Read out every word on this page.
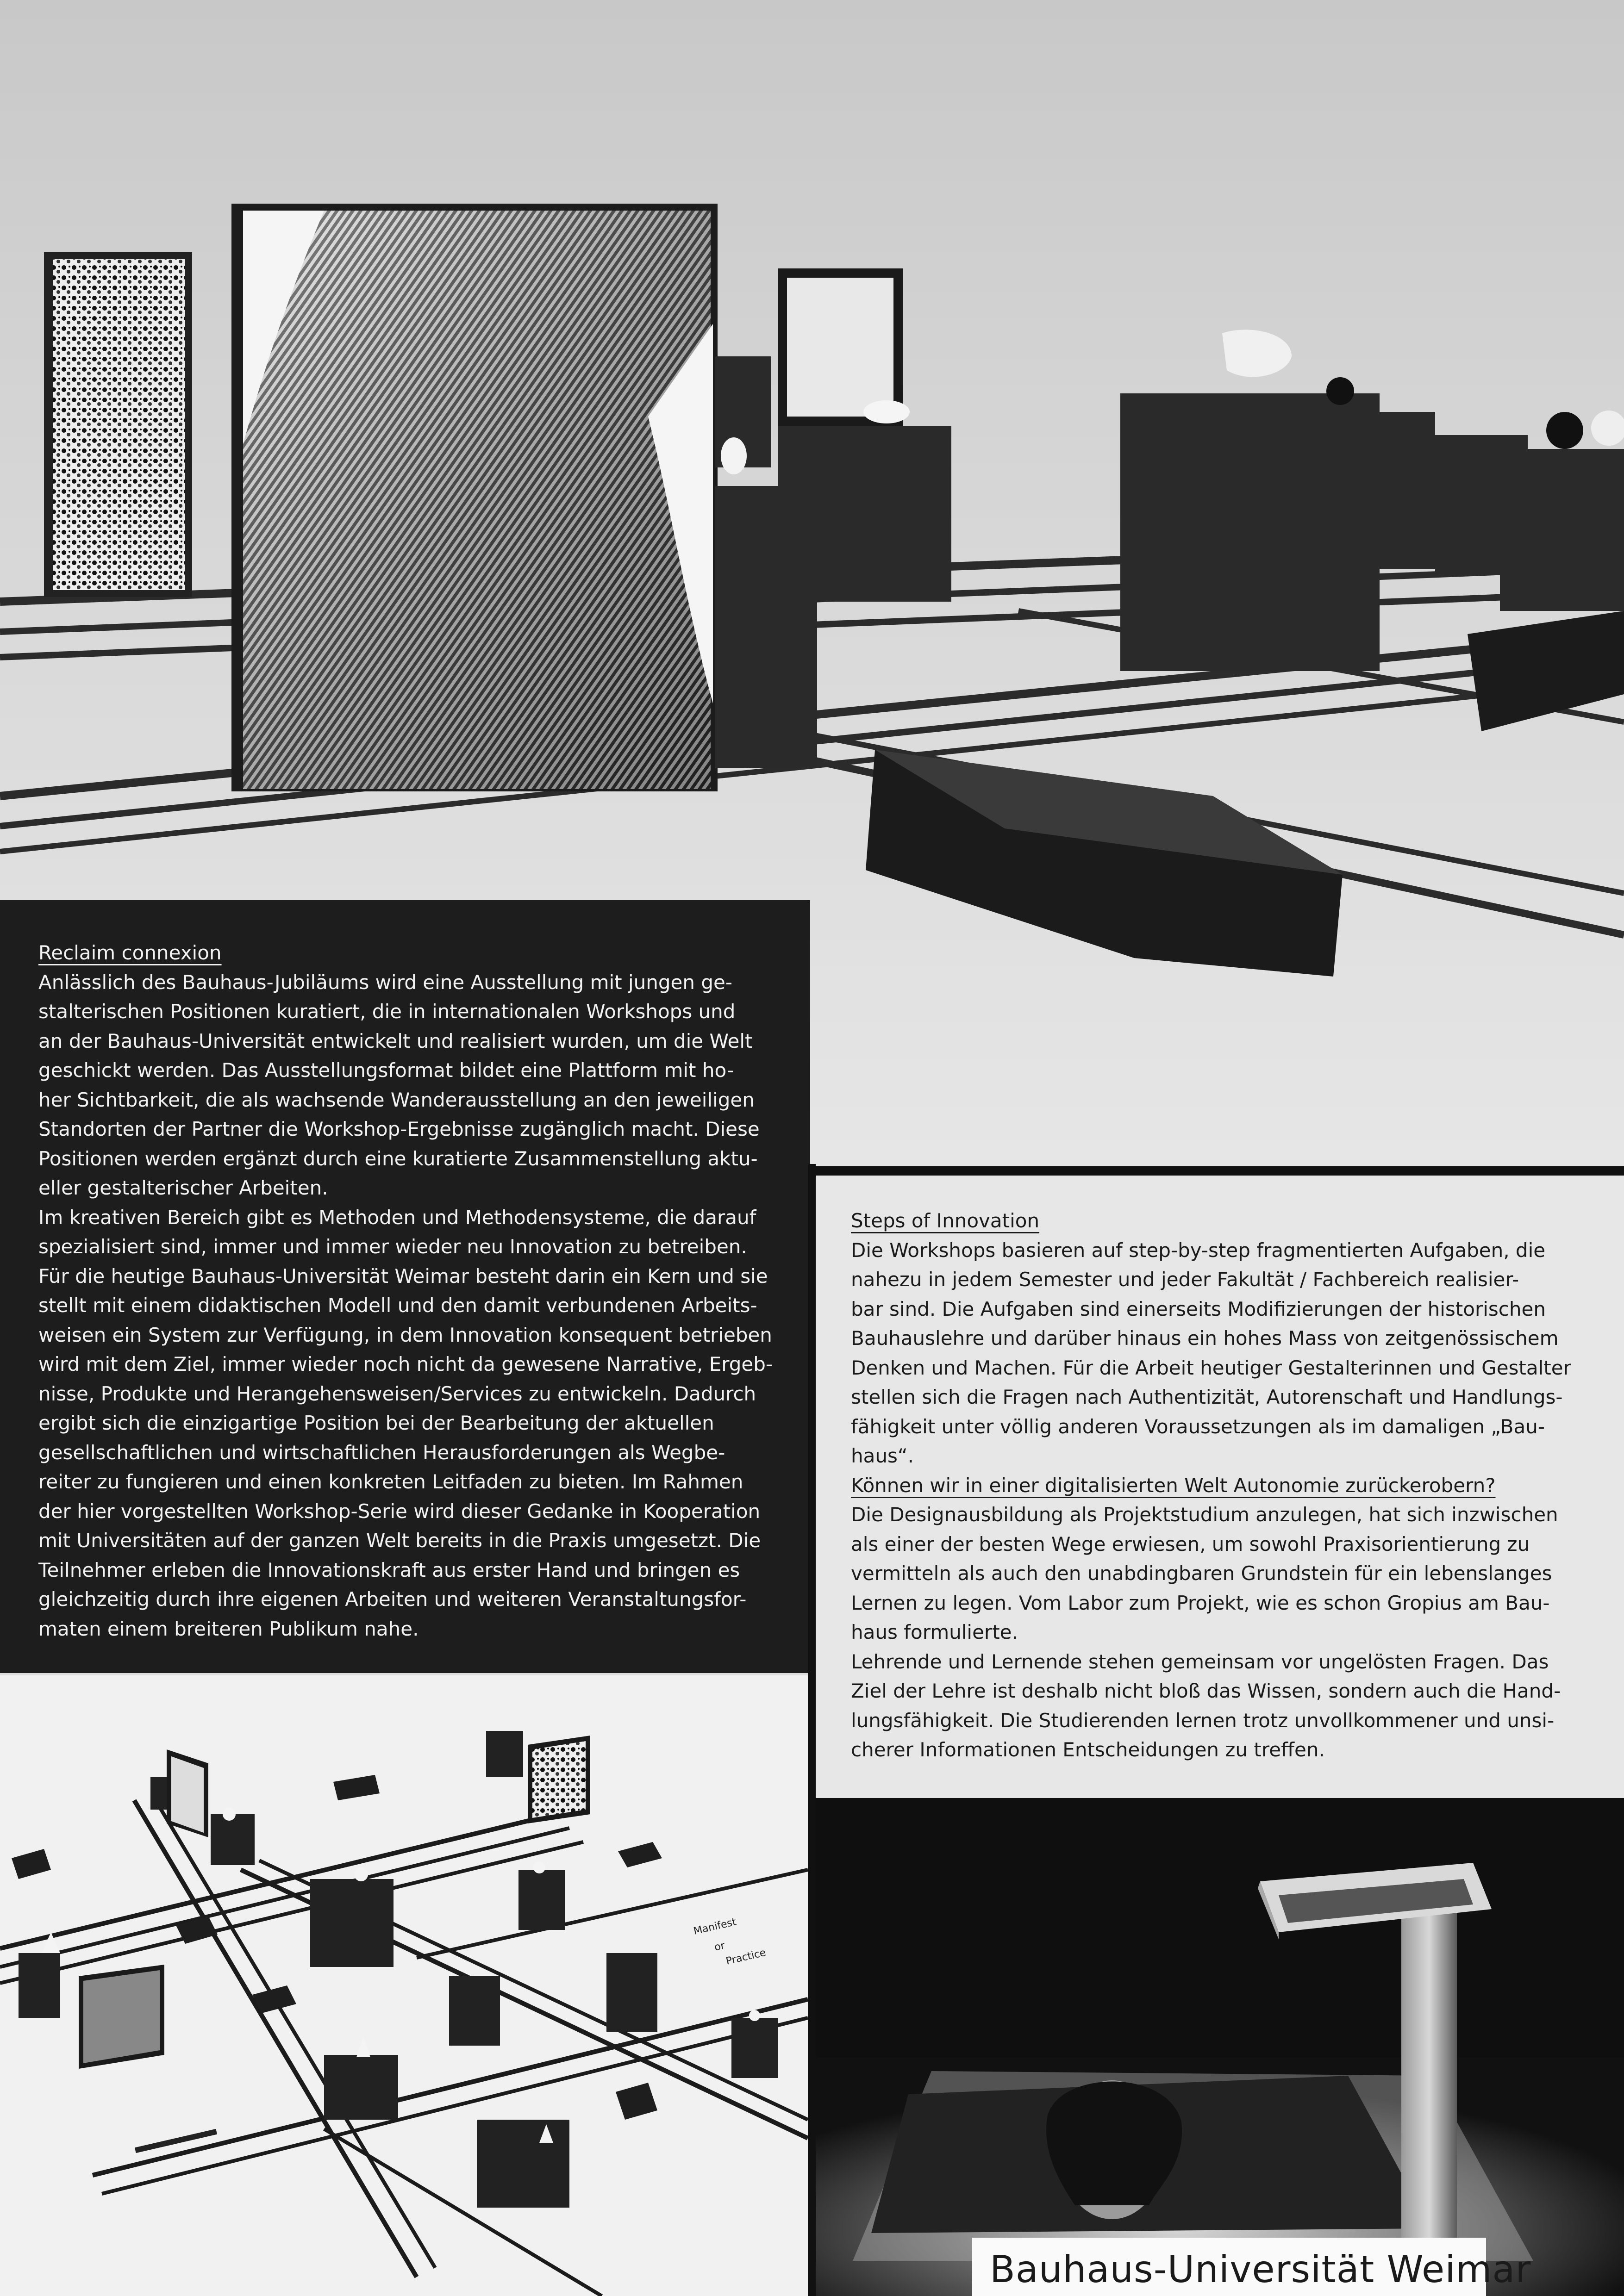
Reclaim connexion
Anlässlich des Bauhaus-Jubiläums wird eine Ausstellung mit jungen ge-
stalterischen Positionen kuratiert, die in internationalen Workshops und
an der Bauhaus-Universität entwickelt und realisiert wurden, um die Welt
geschickt werden. Das Ausstellungsformat bildet eine Plattform mit ho-
her Sichtbarkeit, die als wachsende Wanderausstellung an den jeweiligen
Standorten der Partner die Workshop-Ergebnisse zugänglich macht. Diese
Positionen werden ergänzt durch eine kuratierte Zusammenstellung aktu-
eller gestalterischer Arbeiten.
Im kreativen Bereich gibt es Methoden und Methodensysteme, die darauf
spezialisiert sind, immer und immer wieder neu Innovation zu betreiben.
Für die heutige Bauhaus-Universität Weimar besteht darin ein Kern und sie
stellt mit einem didaktischen Modell und den damit verbundenen Arbeits-
weisen ein System zur Verfügung, in dem Innovation konsequent betrieben
wird mit dem Ziel, immer wieder noch nicht da gewesene Narrative, Ergeb-
nisse, Produkte und Herangehensweisen/Services zu entwickeln. Dadurch
ergibt sich die einzigartige Position bei der Bearbeitung der aktuellen
gesellschaftlichen und wirtschaftlichen Herausforderungen als Wegbe-
reiter zu fungieren und einen konkreten Leitfaden zu bieten. Im Rahmen
der hier vorgestellten Workshop-Serie wird dieser Gedanke in Kooperation
mit Universitäten auf der ganzen Welt bereits in die Praxis umgesetzt. Die
Teilnehmer erleben die Innovationskraft aus erster Hand und bringen es
gleichzeitig durch ihre eigenen Arbeiten und weiteren Veranstaltungsfor-
maten einem breiteren Publikum nahe.
Steps of Innovation
Die Workshops basieren auf step-by-step fragmentierten Aufgaben, die
nahezu in jedem Semester und jeder Fakultät / Fachbereich realisier-
bar sind. Die Aufgaben sind einerseits Modifizierungen der historischen
Bauhauslehre und darüber hinaus ein hohes Mass von zeitgenössischem
Denken und Machen. Für die Arbeit heutiger Gestalterinnen und Gestalter
stellen sich die Fragen nach Authentizität, Autorenschaft und Handlungs-
fähigkeit unter völlig anderen Voraussetzungen als im damaligen „Bau-
haus“.
Können wir in einer digitalisierten Welt Autonomie zurückerobern?
Die Designausbildung als Projektstudium anzulegen, hat sich inzwischen
als einer der besten Wege erwiesen, um sowohl Praxisorientierung zu
vermitteln als auch den unabdingbaren Grundstein für ein lebenslanges
Lernen zu legen. Vom Labor zum Projekt, wie es schon Gropius am Bau-
haus formulierte.
Lehrende und Lernende stehen gemeinsam vor ungelösten Fragen. Das
Ziel der Lehre ist deshalb nicht bloß das Wissen, sondern auch die Hand-
lungsfähigkeit. Die Studierenden lernen trotz unvollkommener und unsi-
cherer Informationen Entscheidungen zu treffen.
Manifest
or
Practice
Bauhaus-Universität Weimar
